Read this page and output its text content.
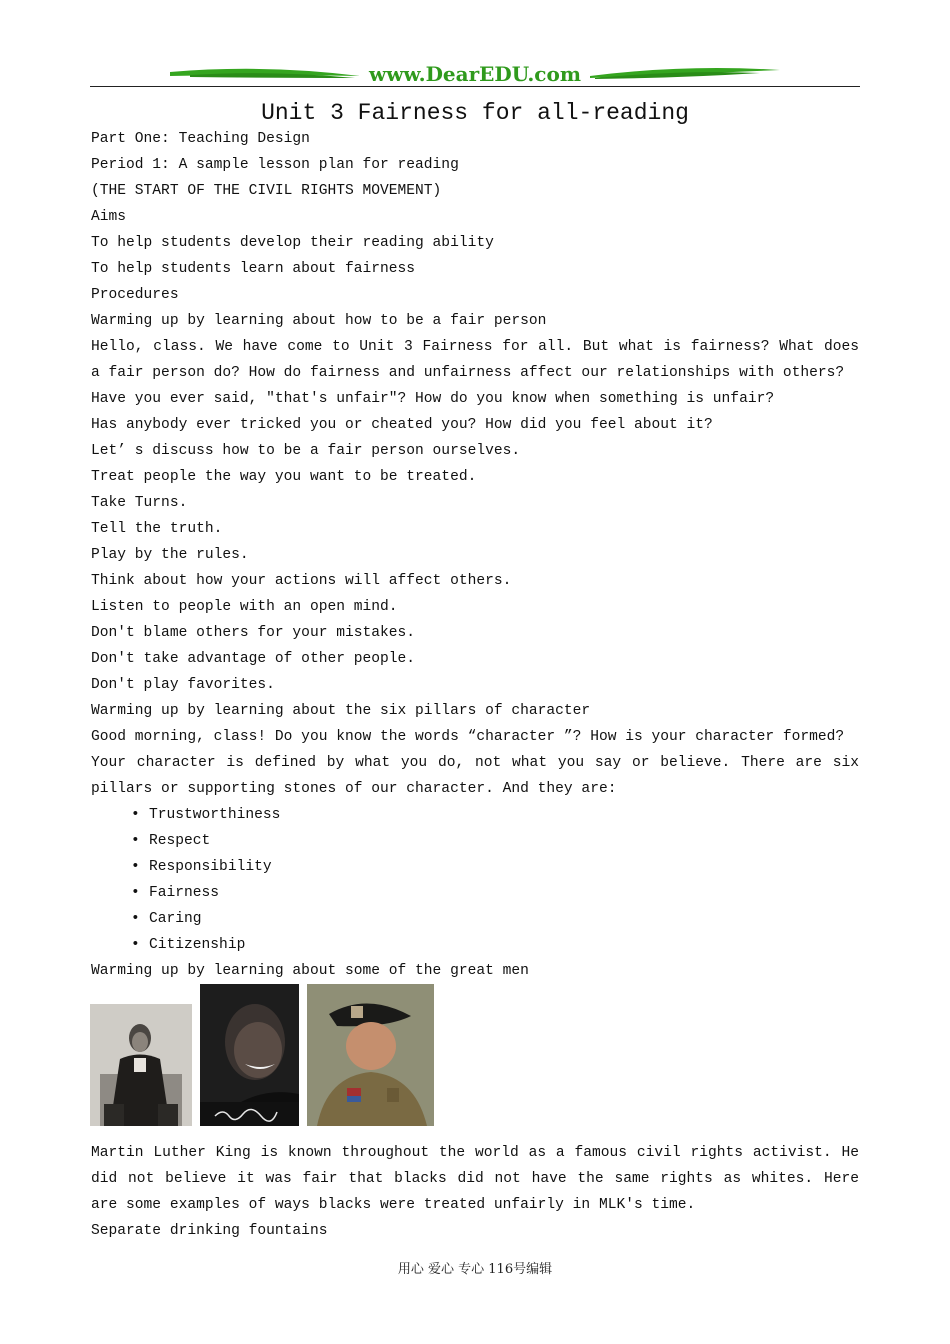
www.DearEDU.com
Unit 3 Fairness for all-reading
Part One: Teaching Design
Period 1: A sample lesson plan for reading
(THE START OF THE CIVIL RIGHTS MOVEMENT)
Aims
To help students develop their reading ability
To help students learn about fairness
Procedures
Warming up by learning about how to be a fair person
Hello, class. We have come to Unit 3 Fairness for all. But what is fairness? What does a fair person do? How do fairness and unfairness affect our relationships with others?
Have you ever said, "that's unfair"? How do you know when something is unfair?
Has anybody ever tricked you or cheated you? How did you feel about it?
Let’ s discuss how to be a fair person ourselves.
Treat people the way you want to be treated.
Take Turns.
Tell the truth.
Play by the rules.
Think about how your actions will affect others.
Listen to people with an open mind.
Don't blame others for your mistakes.
Don't take advantage of other people.
Don't play favorites.
Warming up by learning about the six pillars of character
Good morning, class! Do you know the words “character ”? How is your character formed?
Your character is defined by what you do, not what you say or believe. There are six pillars or supporting stones of our character. And they are:
• Trustworthiness
• Respect
• Responsibility
• Fairness
• Caring
• Citizenship
Warming up by learning about some of the great men
Martin Luther King is known throughout the world as a famous civil rights activist. He did not believe it was fair that blacks did not have the same rights as whites. Here are some examples of ways blacks were treated unfairly in MLK's time.
Separate drinking fountains
用心 爱心 专心 116号编辑
